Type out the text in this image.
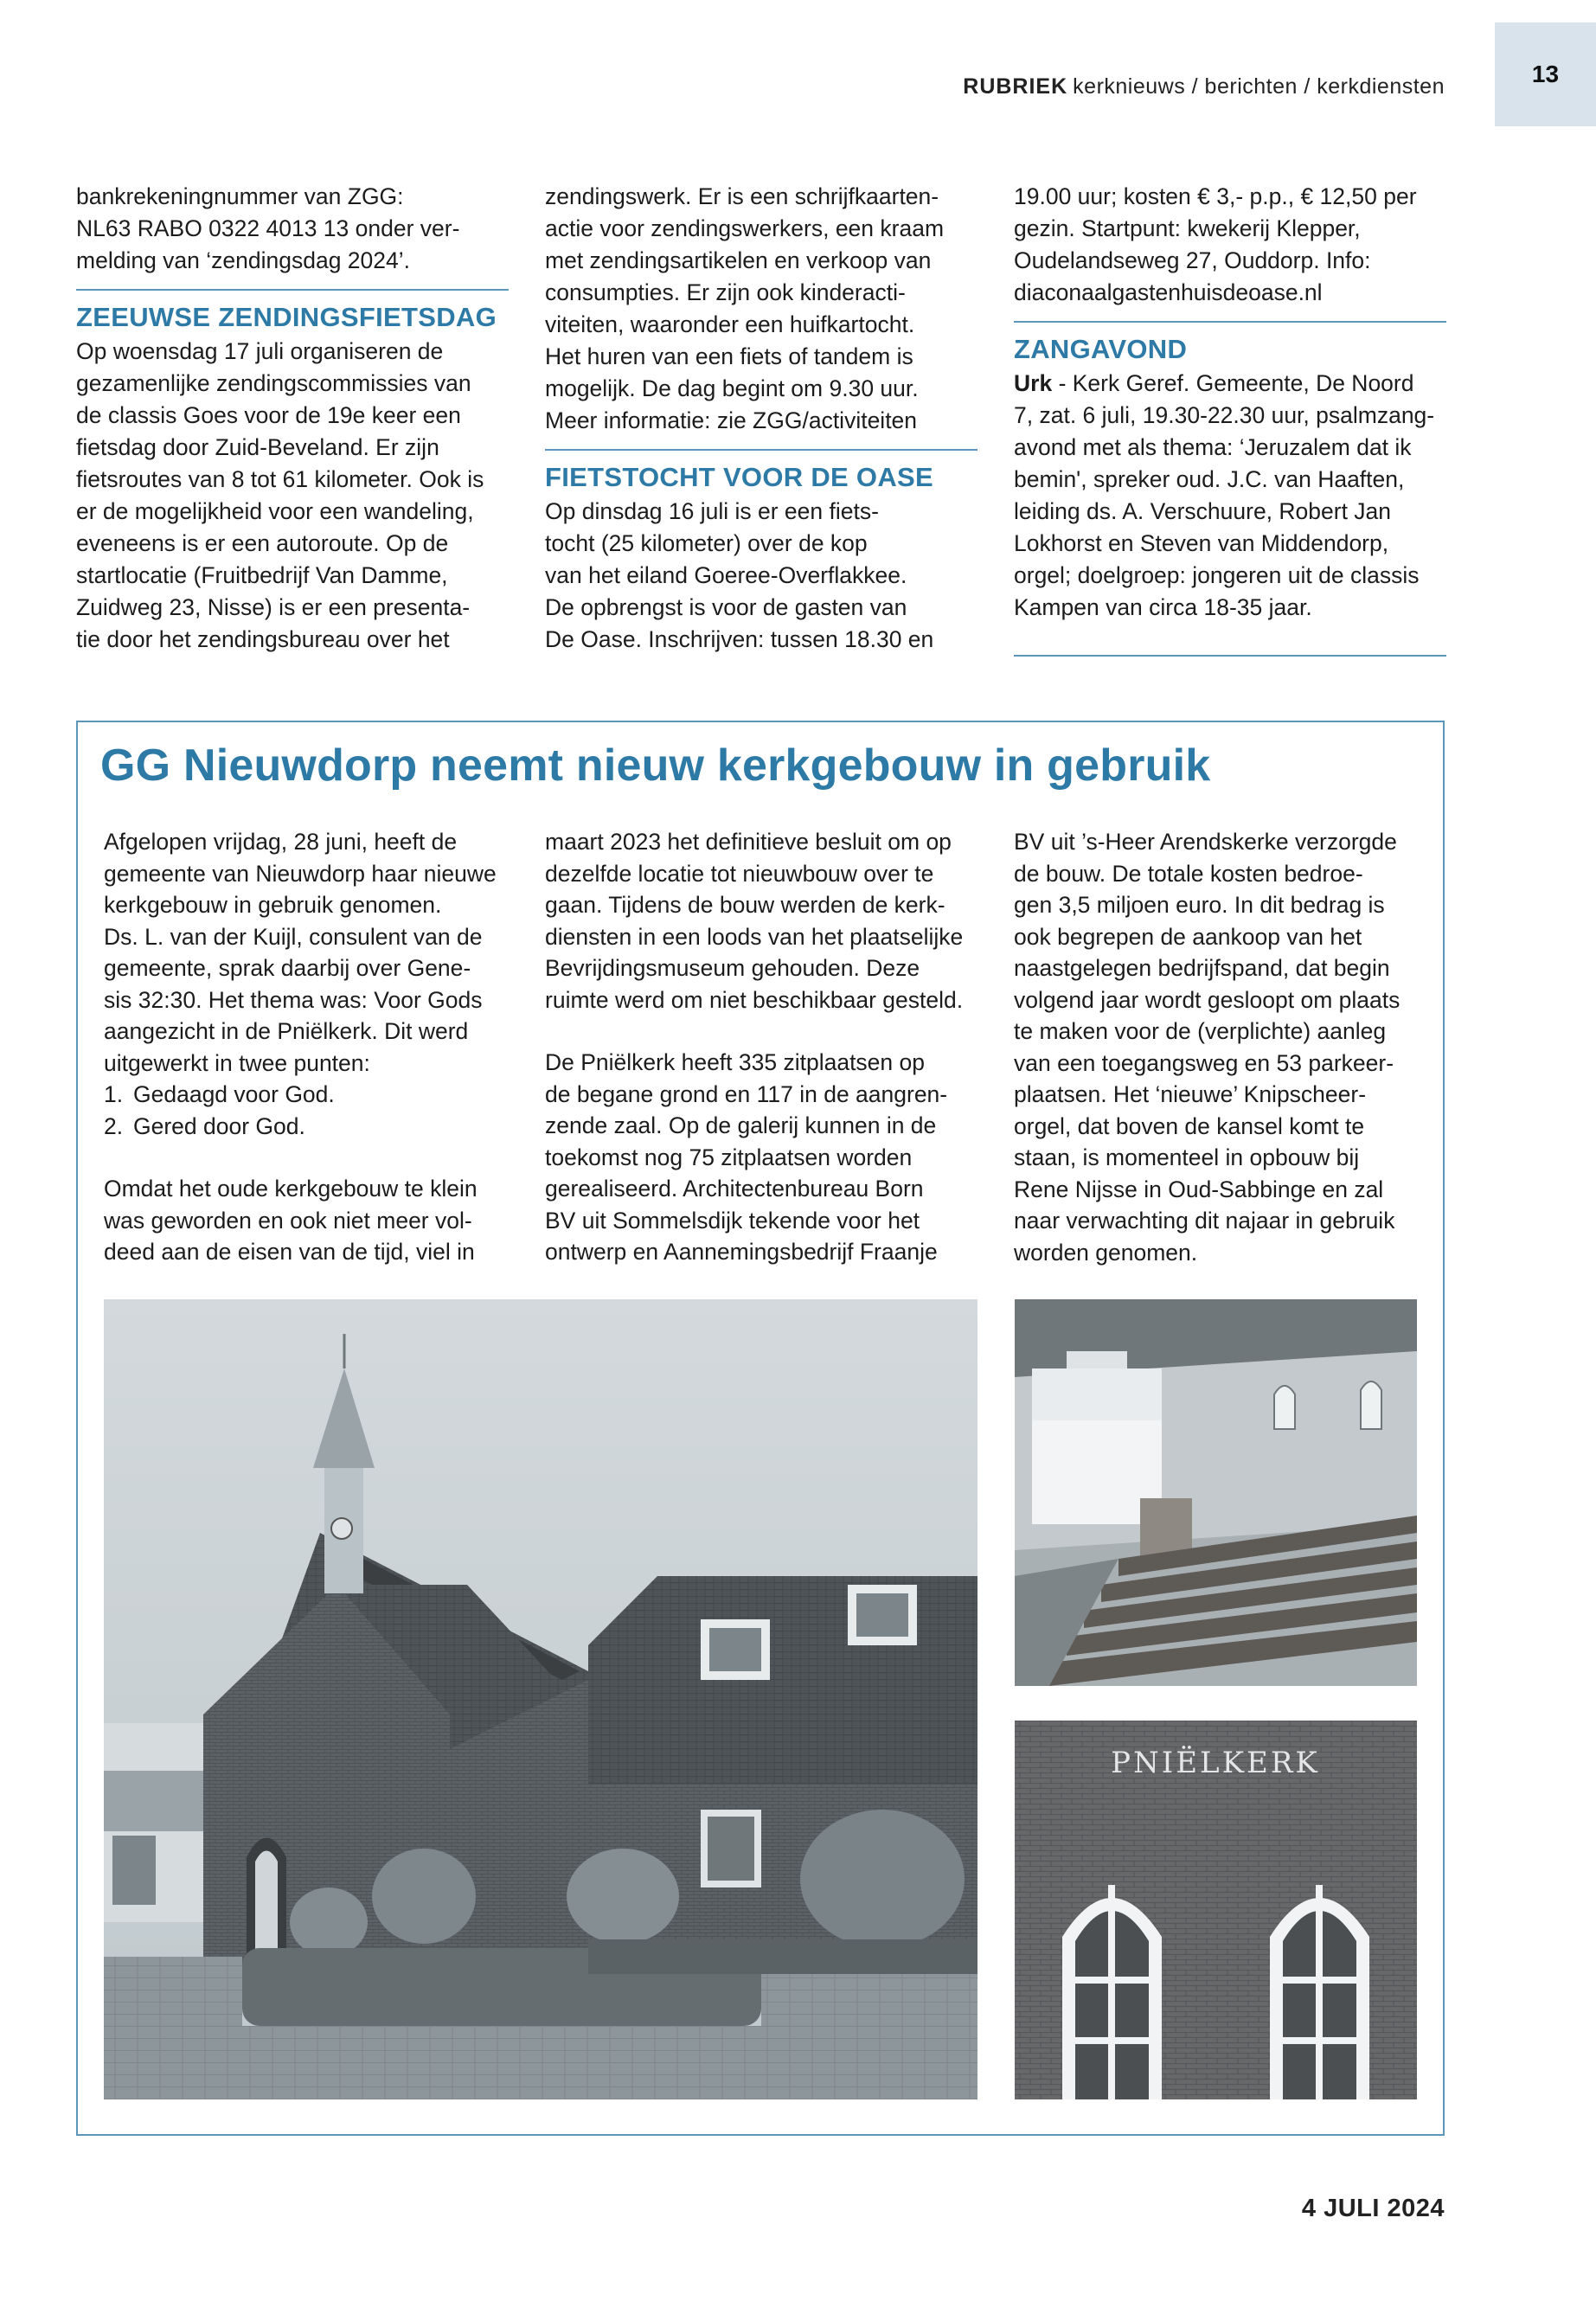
RUBRIEK kerknieuws / berichten / kerkdiensten	13

bankrekeningnummer van ZGG:

NL63 RABO 0322 4013 13 onder ver-

melding van ‘zendingsdag 2024’.

ZEEUWSE ZENDINGSFIETSDAG

Op woensdag 17 juli organiseren de

gezamenlijke zendingscommissies van

de classis Goes voor de 19e keer een

fietsdag door Zuid-Beveland. Er zijn

fietsroutes van 8 tot 61 kilometer. Ook is

er de mogelijkheid voor een wandeling,

eveneens is er een autoroute. Op de

startlocatie (Fruitbedrijf Van Damme,

Zuidweg 23, Nisse) is er een presenta-

tie door het zendingsbureau over het

zendingswerk. Er is een schrijfkaarten-

actie voor zendingswerkers, een kraam

met zendingsartikelen en verkoop van

consumpties. Er zijn ook kinderacti-

viteiten, waaronder een huifkartocht.

Het huren van een fiets of tandem is

mogelijk. De dag begint om 9.30 uur.

Meer informatie: zie ZGG/activiteiten

FIETSTOCHT VOOR DE OASE

Op dinsdag 16 juli is er een fiets-

tocht (25 kilometer) over de kop

van het eiland Goeree-Overflakkee.

De opbrengst is voor de gasten van

De Oase. Inschrijven: tussen 18.30 en

19.00 uur; kosten € 3,- p.p., € 12,50 per

gezin. Startpunt: kwekerij Klepper,

Oudelandseweg 27, Ouddorp. Info:

diaconaalgastenhuisdeoase.nl

ZANGAVOND

Urk - Kerk Geref. Gemeente, De Noord

7, zat. 6 juli, 19.30-22.30 uur, psalmzang-

avond met als thema: ‘Jeruzalem dat ik

bemin', spreker oud. J.C. van Haaften,

leiding ds. A. Verschuure, Robert Jan

Lokhorst en Steven van Middendorp,

orgel; doelgroep: jongeren uit de classis

Kampen van circa 18-35 jaar.

GG Nieuwdorp neemt nieuw kerkgebouw in gebruik

Afgelopen vrijdag, 28 juni, heeft de

gemeente van Nieuwdorp haar nieuwe

kerkgebouw in gebruik genomen.

Ds. L. van der Kuijl, consulent van de

gemeente, sprak daarbij over Gene-

sis 32:30. Het thema was: Voor Gods

aangezicht in de Pniëlkerk. Dit werd

uitgewerkt in twee punten:

1. Gedaagd voor God.
2. Gered door God.

Omdat het oude kerkgebouw te klein

was geworden en ook niet meer vol-

deed aan de eisen van de tijd, viel in

maart 2023 het definitieve besluit om op

dezelfde locatie tot nieuwbouw over te

gaan. Tijdens de bouw werden de kerk-

diensten in een loods van het plaatselijke

Bevrijdingsmuseum gehouden. Deze

ruimte werd om niet beschikbaar gesteld.

De Pniëlkerk heeft 335 zitplaatsen op

de begane grond en 117 in de aangren-

zende zaal. Op de galerij kunnen in de

toekomst nog 75 zitplaatsen worden

gerealiseerd. Architectenbureau Born

BV uit Sommelsdijk tekende voor het

ontwerp en Aannemingsbedrijf Fraanje

BV uit ’s-Heer Arendskerke verzorgde

de bouw. De totale kosten bedroe-

gen 3,5 miljoen euro. In dit bedrag is

ook begrepen de aankoop van het

naastgelegen bedrijfspand, dat begin

volgend jaar wordt gesloopt om plaats

te maken voor de (verplichte) aanleg

van een toegangsweg en 53 parkeer-

plaatsen. Het ‘nieuwe’ Knipscheer-

orgel, dat boven de kansel komt te

staan, is momenteel in opbouw bij

Rene Nijsse in Oud-Sabbinge en zal

naar verwachting dit najaar in gebruik

worden genomen.

PNIËLKERK
4 JULI 2024
